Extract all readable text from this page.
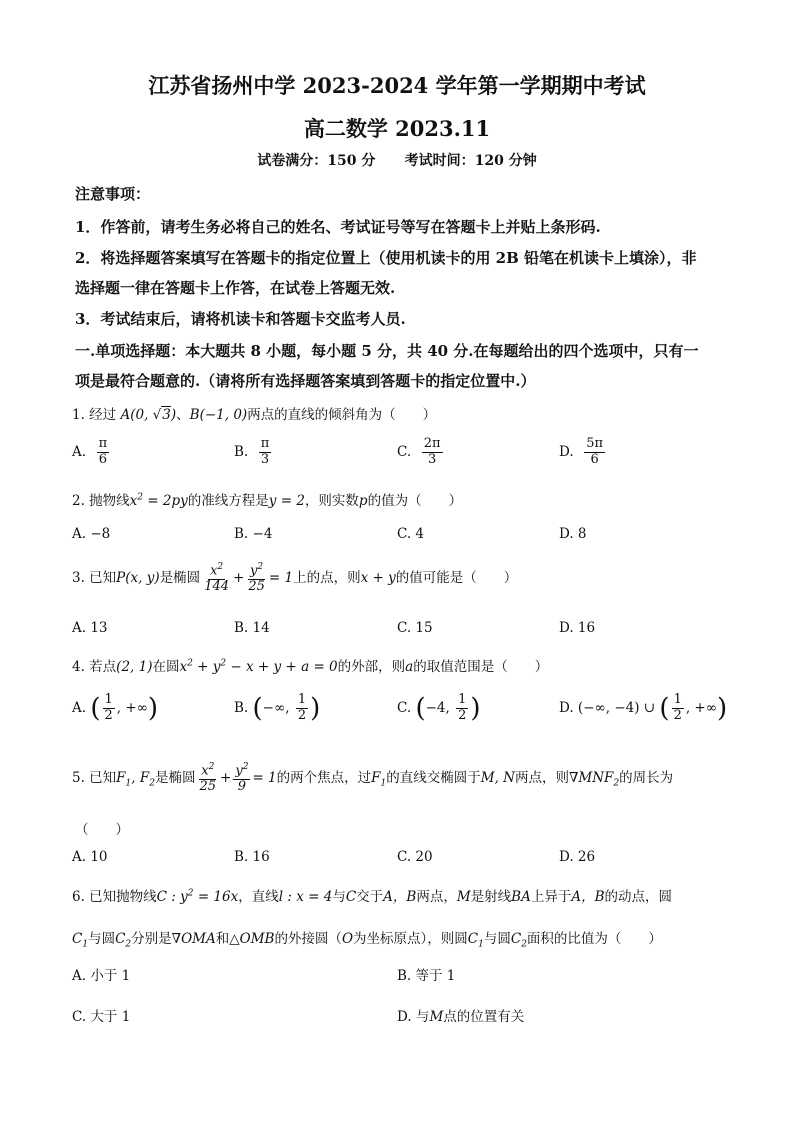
江苏省扬州中学 2023-2024 学年第一学期期中考试
高二数学 2023.11
试卷满分：150 分      考试时间：120 分钟
注意事项：
1．作答前，请考生务必将自己的姓名、考试证号等写在答题卡上并贴上条形码.
2．将选择题答案填写在答题卡的指定位置上（使用机读卡的用 2B 铅笔在机读卡上填涂），非
选择题一律在答题卡上作答，在试卷上答题无效.
3．考试结束后，请将机读卡和答题卡交监考人员.
一.单项选择题：本大题共 8 小题，每小题 5 分，共 40 分.在每题给出的四个选项中，只有一
项是最符合题意的.（请将所有选择题答案填到答题卡的指定位置中.）
1. 经过 A(0, √3)、B(−1, 0)两点的直线的倾斜角为（　　）
A. $\frac{\pi}{6}$	B. $\frac{\pi}{3}$	C. $\frac{2\pi}{3}$	D. $\frac{5\pi}{6}$
2. 抛物线$x^2 = 2py$的准线方程是y = 2，则实数p的值为（　　）
A. −8	B. −4	C. 4	D. 8
3. 已知P(x, y)是椭圆 $\frac{x^2}{144} + \frac{y^2}{25} = 1$上的点，则x + y的值可能是（　　）
A. 13	B. 14	C. 15	D. 16
4. 若点(2, 1)在圆$x^2 + y^2 - x + y + a = 0$的外部，则a的取值范围是（　　）
A. ( $\frac{1}{2}$ , +∞)	B. (−∞, $\frac{1}{2}$ )	C. (−4, $\frac{1}{2}$ )	D. (−∞, −4) ∪ ( $\frac{1}{2}$ , +∞)
5. 已知$F_1$, $F_2$是椭圆 $\frac{x^2}{25} + \frac{y^2}{9} = 1$的两个焦点，过$F_1$的直线交椭圆于M, N两点，则$\nabla MNF_2$的周长为
（　　）
A. 10	B. 16	C. 20	D. 26
6. 已知抛物线C : $y^2 = 16x$，直线l : x = 4与C交于A，B两点，M是射线BA上异于A，B的动点，圆
$C_1$与圆$C_2$分别是∇OMA和△OMB的外接圆（O为坐标原点），则圆$C_1$与圆$C_2$面积的比值为（　　）
A. 小于 1	B. 等于 1
C. 大于 1	D. 与M点的位置有关
